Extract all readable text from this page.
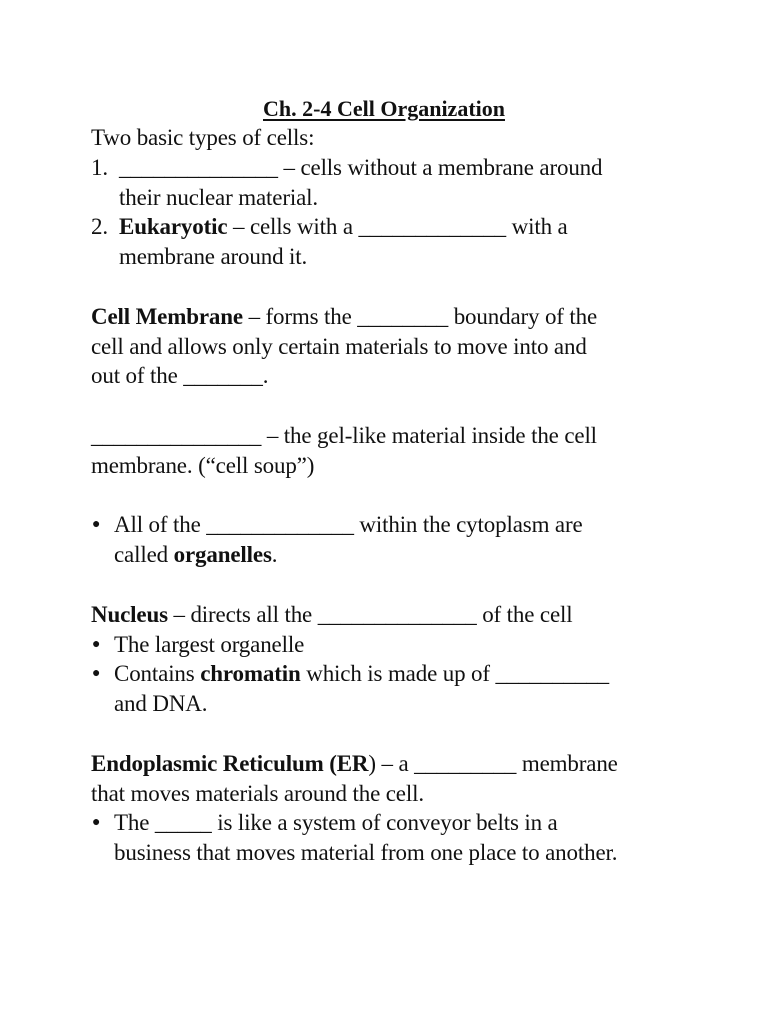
Ch. 2-4 Cell Organization
Two basic types of cells:
1. ______________ – cells without a membrane around
their nuclear material.
2. Eukaryotic – cells with a _____________ with a
membrane around it.
Cell Membrane – forms the ________ boundary of the
cell and allows only certain materials to move into and
out of the _______.
_______________ – the gel-like material inside the cell
membrane. (“cell soup”)
● All of the _____________ within the cytoplasm are
called organelles.
Nucleus – directs all the ______________ of the cell
● The largest organelle
● Contains chromatin which is made up of __________
and DNA.
Endoplasmic Reticulum (ER) – a _________ membrane
that moves materials around the cell.
● The _____ is like a system of conveyor belts in a
business that moves material from one place to another.
